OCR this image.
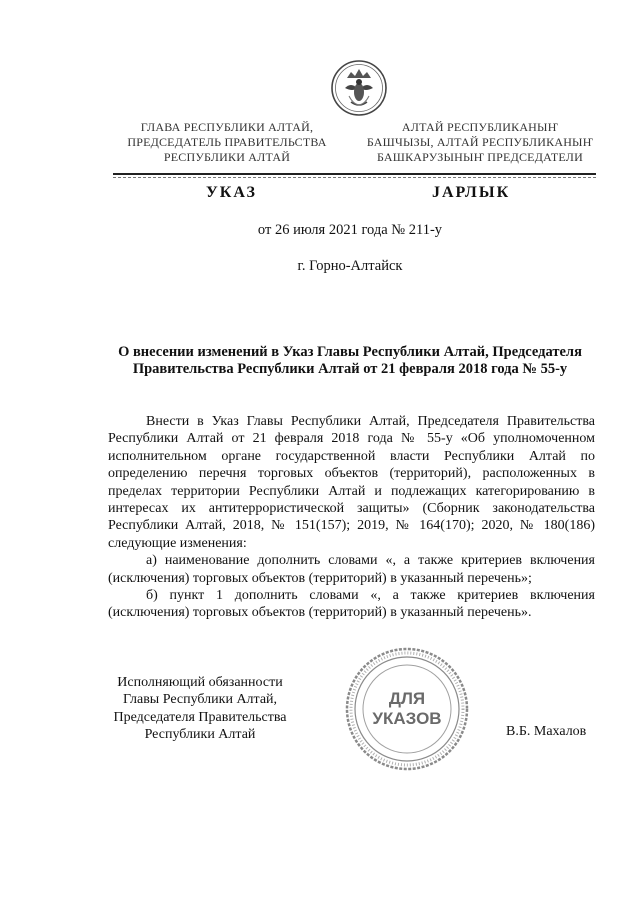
ГЛАВА РЕСПУБЛИКИ АЛТАЙ,
ПРЕДСЕДАТЕЛЬ ПРАВИТЕЛЬСТВА
РЕСПУБЛИКИ АЛТАЙ
АЛТАЙ РЕСПУБЛИКАНЫҤ
БАШЧЫЗЫ, АЛТАЙ РЕСПУБЛИКАНЫҤ
БАШКАРУЗЫНЫҤ ПРЕДСЕДАТЕЛИ
УКАЗ	ЈАРЛЫК
от 26 июля 2021 года № 211-у
г. Горно-Алтайск
О внесении изменений в Указ Главы Республики Алтай, Председателя
Правительства Республики Алтай от 21 февраля 2018 года № 55-у

Внести в Указ Главы Республики Алтай, Председателя Правительства Республики Алтай от 21 февраля 2018 года № 55-у «Об уполномоченном исполнительном органе государственной власти Республики Алтай по определению перечня торговых объектов (территорий), расположенных в пределах территории Республики Алтай и подлежащих категорированию в интересах их антитеррористической защиты» (Сборник законодательства Республики Алтай, 2018, № 151(157); 2019, № 164(170); 2020, № 180(186) следующие изменения:

а) наименование дополнить словами «, а также критериев включения (исключения) торговых объектов (территорий) в указанный перечень»;

б) пункт 1 дополнить словами «, а также критериев включения (исключения) торговых объектов (территорий) в указанный перечень».

Исполняющий обязанности
Главы Республики Алтай,
Председателя Правительства
Республики Алтай
ДЛЯ
УКАЗОВ
В.Б. Махалов
